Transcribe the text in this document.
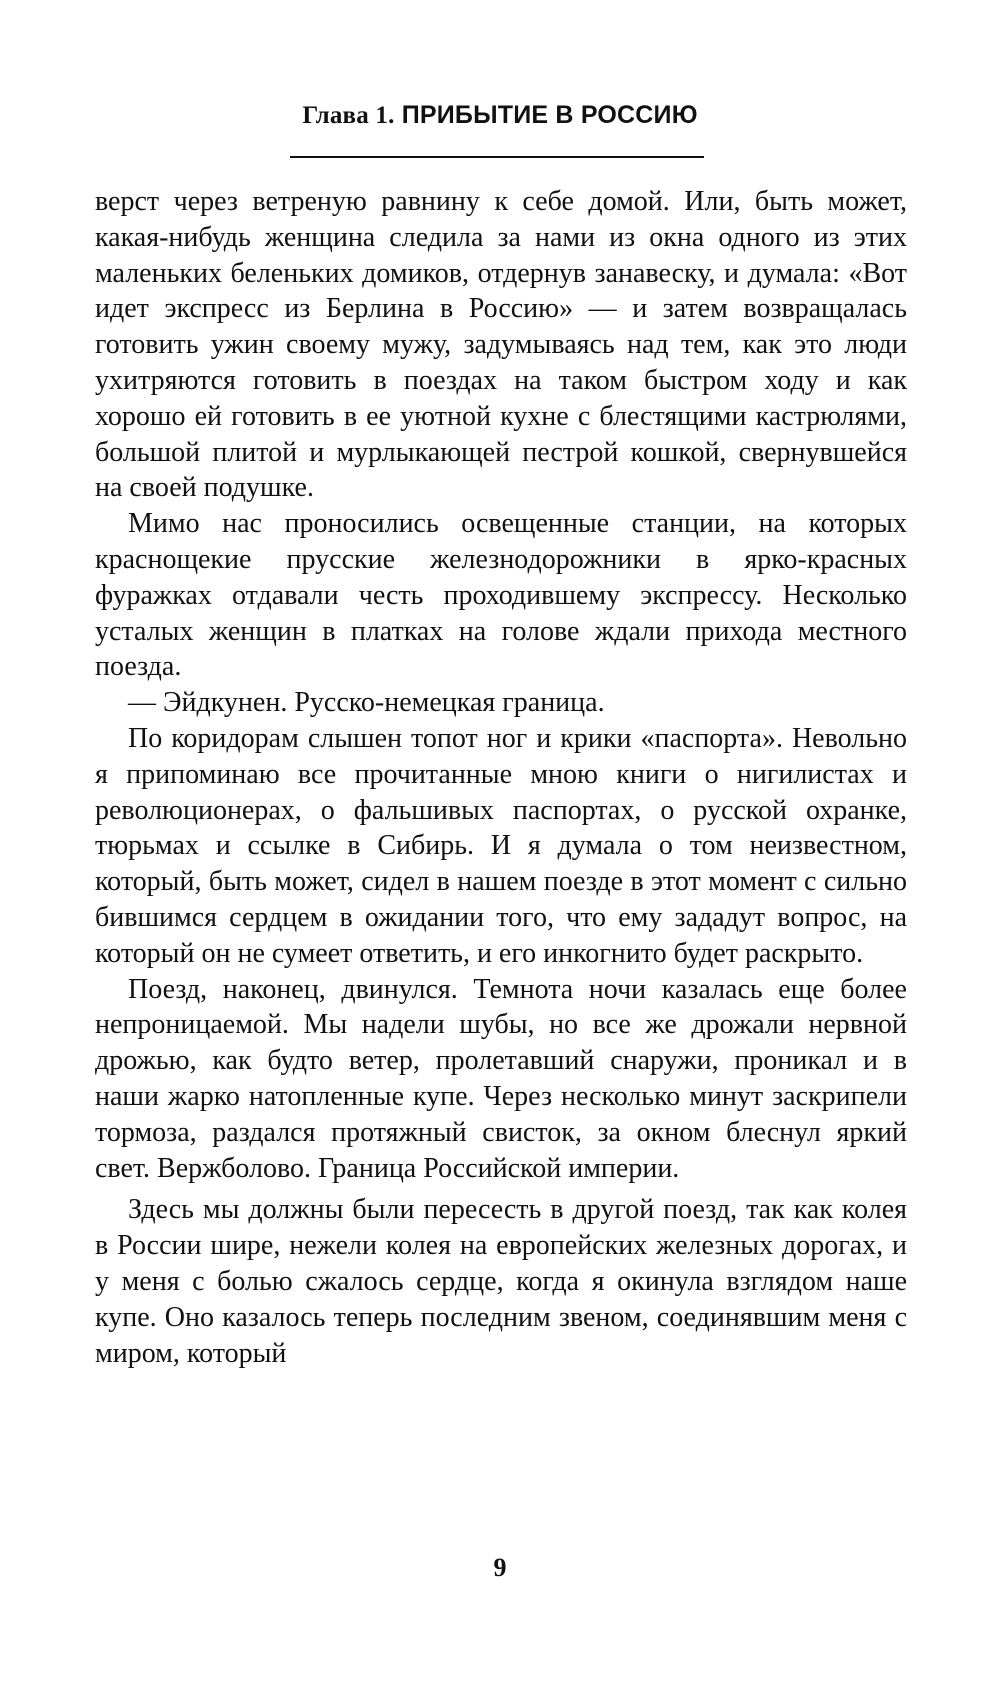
Глава 1. ПРИБЫТИЕ В РОССИЮ

верст через ветреную равнину к себе домой. Или, быть может, какая-нибудь женщина следила за нами из окна одного из этих маленьких беленьких домиков, отдернув занавеску, и думала: «Вот идет экспресс из Берлина в Россию» — и затем возвращалась готовить ужин своему мужу, задумываясь над тем, как это люди ухитряются готовить в поездах на таком быстром ходу и как хорошо ей готовить в ее уютной кухне с блестящими кастрюлями, большой плитой и мурлыкающей пестрой кошкой, свернувшейся на своей подушке.

Мимо нас проносились освещенные станции, на которых краснощекие прусские железнодорожники в ярко-красных фуражках отдавали честь проходившему экспрессу. Несколько усталых женщин в платках на голове ждали прихода местного поезда.

— Эйдкунен. Русско-немецкая граница.

По коридорам слышен топот ног и крики «паспорта». Невольно я припоминаю все прочитанные мною книги о нигилистах и революционерах, о фальшивых паспортах, о русской охранке, тюрьмах и ссылке в Сибирь. И я думала о том неизвестном, который, быть может, сидел в нашем поезде в этот момент с сильно бившимся сердцем в ожидании того, что ему зададут вопрос, на который он не сумеет ответить, и его инкогнито будет раскрыто.

Поезд, наконец, двинулся. Темнота ночи казалась еще более непроницаемой. Мы надели шубы, но все же дрожали нервной дрожью, как будто ветер, пролетавший снаружи, проникал и в наши жарко натопленные купе. Через несколько минут заскрипели тормоза, раздался протяжный свисток, за окном блеснул яркий свет. Вержболово. Граница Российской империи.

Здесь мы должны были пересесть в другой поезд, так как колея в России шире, нежели колея на европейских железных дорогах, и у меня с болью сжалось сердце, когда я окинула взглядом наше купе. Оно казалось теперь последним звеном, соединявшим меня с миром, который

9
